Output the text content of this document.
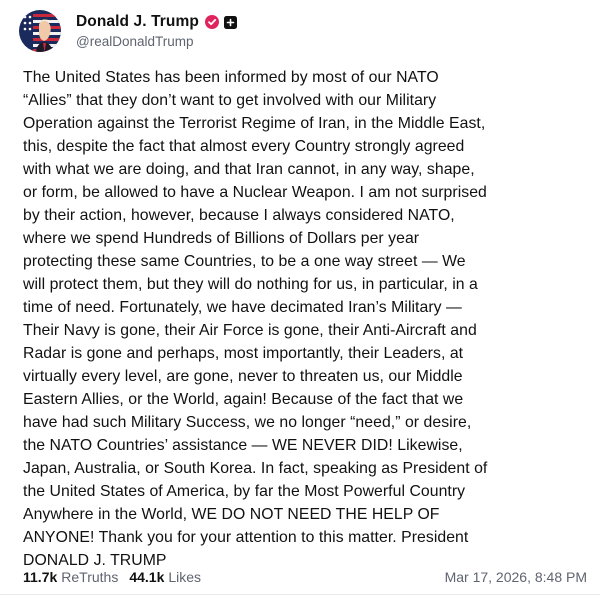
Donald J. Trump
@realDonaldTrump
The United States has been informed by most of our NATO
“Allies” that they don’t want to get involved with our Military
Operation against the Terrorist Regime of Iran, in the Middle East,
this, despite the fact that almost every Country strongly agreed
with what we are doing, and that Iran cannot, in any way, shape,
or form, be allowed to have a Nuclear Weapon. I am not surprised
by their action, however, because I always considered NATO,
where we spend Hundreds of Billions of Dollars per year
protecting these same Countries, to be a one way street — We
will protect them, but they will do nothing for us, in particular, in a
time of need. Fortunately, we have decimated Iran’s Military —
Their Navy is gone, their Air Force is gone, their Anti-Aircraft and
Radar is gone and perhaps, most importantly, their Leaders, at
virtually every level, are gone, never to threaten us, our Middle
Eastern Allies, or the World, again! Because of the fact that we
have had such Military Success, we no longer “need,” or desire,
the NATO Countries’ assistance — WE NEVER DID! Likewise,
Japan, Australia, or South Korea. In fact, speaking as President of
the United States of America, by far the Most Powerful Country
Anywhere in the World, WE DO NOT NEED THE HELP OF
ANYONE! Thank you for your attention to this matter. President
DONALD J. TRUMP
11.7k ReTruths 44.1k Likes	Mar 17, 2026, 8:48 PM
